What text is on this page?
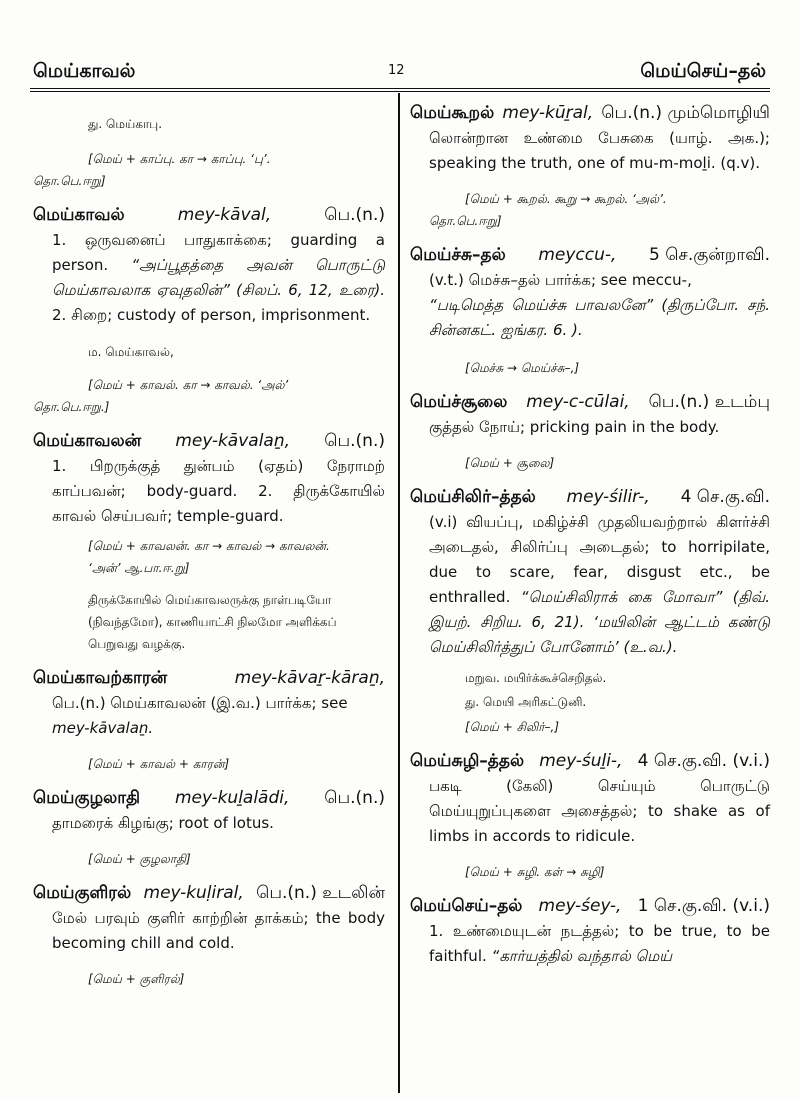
மெய்காவல்	12	மெய்செய்–தல்
து. மெய்காபு.
[மெய் + காப்பு. கா → காப்பு. ‘பு’.
தொ.பெ.ஈறு]
மெய்காவல்	mey-kāval,	பெ.(n.)
1. ஒருவனைப் பாதுகாக்கை; guarding a person. “அப்பூதத்தை அவன் பொருட்டு மெய்காவலாக ஏவுதலின்” (சிலப். 6, 12, உரை). 2. சிறை; custody of person, imprisonment.
ம. மெய்காவல்,
[மெய் + காவல். கா → காவல். ‘அல்’
தொ.பெ.ஈறு.]
மெய்காவலன் mey-kāvalaṉ, பெ.(n.)
1. பிறருக்குத் துன்பம் (ஏதம்) நேராமற் காப்பவன்; body-guard. 2. திருக்கோயில் காவல் செய்பவர்; temple-guard.
[மெய் + காவலன். கா → காவல் → காவலன்.
‘அன்’ ஆ.பா.ஈ.று]
திருக்கோயில் மெய்காவலருக்கு நாள்படியோ (நிவந்தமோ), காணியாட்சி நிலமோ அளிக்கப் பெறுவது வழக்கு.
மெய்காவற்காரன்	mey-kāvaṟ-kāraṉ,
பெ.(n.) மெய்காவலன் (இ.வ.) பார்க்க; see
mey-kāvalaṉ.
[மெய் + காவல் + காரன்]
மெய்குழலாதி mey-kuḻalādi, பெ.(n.)
தாமரைக் கிழங்கு; root of lotus.
[மெய் + குழலாதி]
மெய்குளிரல் mey-kuḷiral, பெ.(n.) உடலின்
மேல் பரவும் குளிர் காற்றின் தாக்கம்; the body becoming chill and cold.
[மெய் + குளிரல்]
மெய்கூறல் mey-kūṟal, பெ.(n.) மும்மொழியி
லொன்றான உண்மை பேசுகை (யாழ். அக.); speaking the truth, one of mu-m-moḻi. (q.v).
[மெய் + கூறல். கூறு → கூறல். ‘அல்’.
தொ.பெ.ஈறு]
மெய்ச்சு–தல் meyccu-, 5 செ.குன்றாவி.
(v.t.) மெச்சு–தல் பார்க்க; see meccu-,
“படிமெத்த மெய்ச்சு பாவலனே” (திருப்போ. சந். சின்னகட். ஐங்கர. 6. ).
[மெச்சு → மெய்ச்சு–,]
மெய்ச்சூலை mey-c-cūlai, பெ.(n.) உடம்பு
குத்தல் நோய்; pricking pain in the body.
[மெய் + சூலை]
மெய்சிலிர்–த்தல் mey-śilir-, 4 செ.கு.வி.
(v.i) வியப்பு, மகிழ்ச்சி முதலியவற்றால் கிளர்ச்சி அடைதல், சிலிர்ப்பு அடைதல்; to horripilate, due to scare, fear, disgust etc., be enthralled. “மெய்சிலிராக் கை மோவா” (திவ். இயற். சிறிய. 6, 21). ‘மயிலின் ஆட்டம் கண்டு மெய்சிலிர்த்துப் போனோம்’ (உ.வ.).
மறுவ. மயிர்க்கூச்செறிதல்.
து. மெயி அரிகட்டுனி.
[மெய் + சிலிர்–,]
மெய்சுழி–த்தல் mey-śuḻi-, 4 செ.கு.வி. (v.i.)
பகடி (கேலி) செய்யும் பொருட்டு மெய்யுறுப்புகளை அசைத்தல்; to shake as of limbs in accords to ridicule.
[மெய் + சுழி. கள் → சுழி]
மெய்செய்–தல் mey-śey-, 1 செ.கு.வி. (v.i.)
1. உண்மையுடன் நடத்தல்; to be true, to be faithful. “கார்யத்தில் வந்தால் மெய்
